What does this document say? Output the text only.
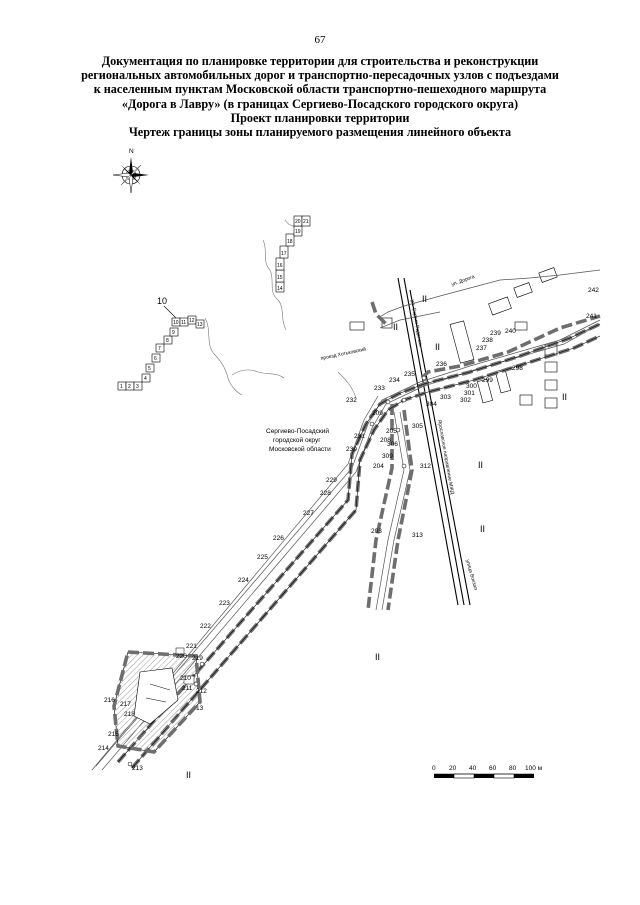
67
Документация по планировке территории для строительства и реконструкции
региональных автомобильных дорог и транспортно-пересадочных узлов с подъездами
к населенным пунктам Московской области транспортно-пешеходного маршрута
«Дорога в Лавру» (в границах Сергиево-Посадского городского округа)
Проект планировки территории
Чертеж границы зоны планируемого размещения линейного объекта
N
1 2 3
4
5
6
7
8
9
10 11 12
13
10
14
15
16
17
18
19
20 21
Сергиево-Посадский
городской округ
Московской области
проезд Хотьковский
Ярославское направление МЖД
ул. Дорога
улица Вокзал
ул. Сергия Радонеж.
II
II
II
II
II
II
II
II
222
223
224
225
226
227
228
229
230
231
232
233
234
235
236
237
238
239 240
241
242
298
299
300
301
302
303
304
305
306
309
312
313
203
204
205
208
209
210
211 212
213
214
215
216
217
218
219
220
221
13
0 20 40 60 80 100 м
